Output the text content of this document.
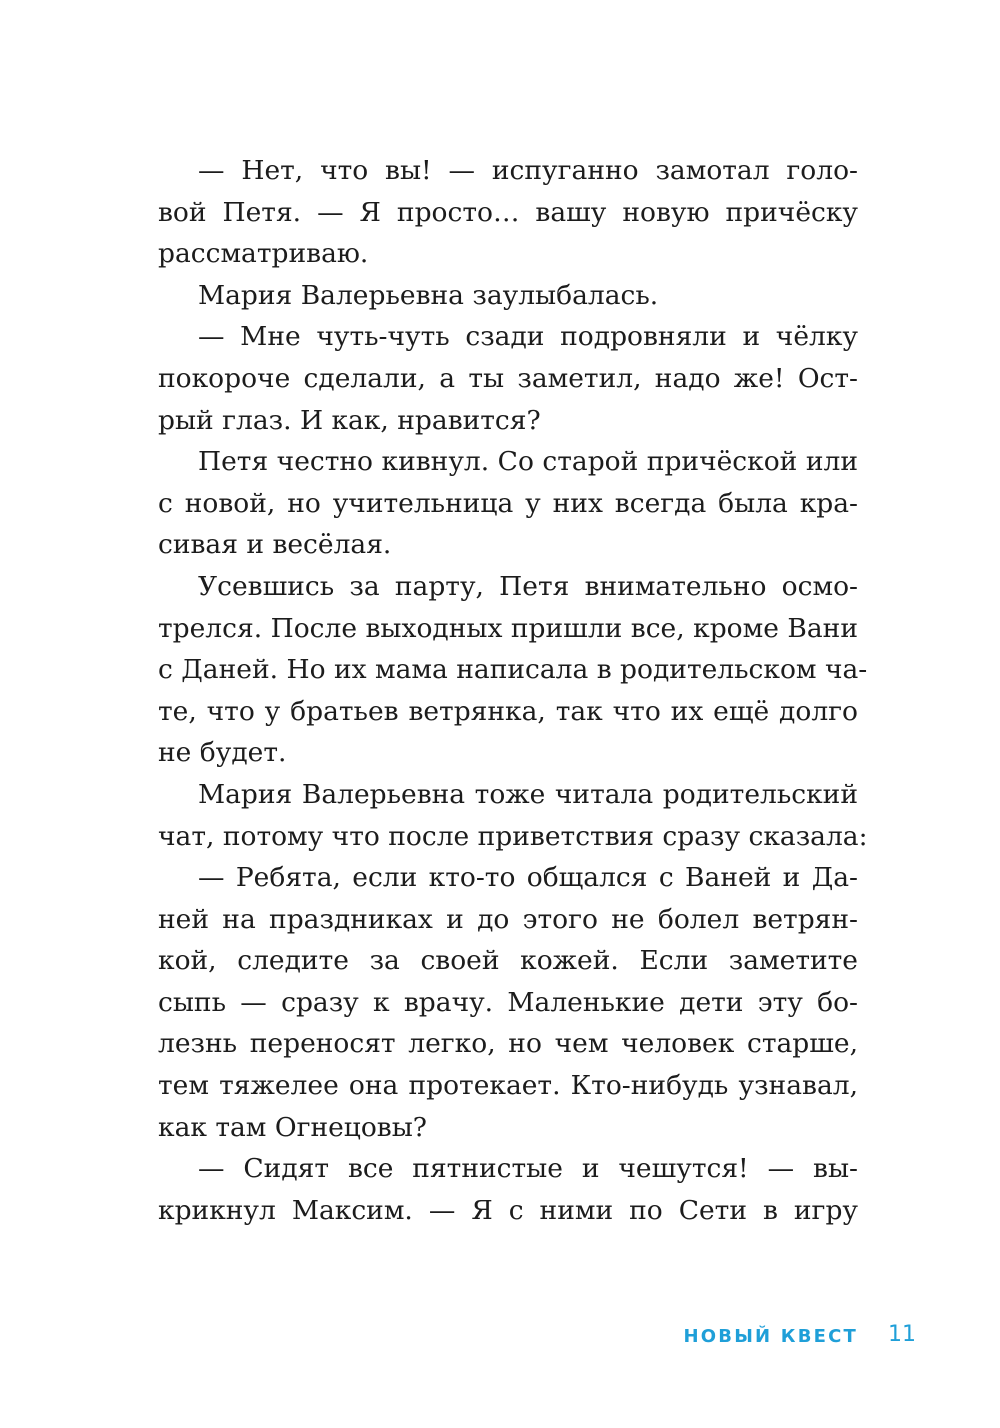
— Нет, что вы! — испуганно замотал голо-
вой Петя. — Я просто… вашу новую причёску
рассматриваю.
Мария Валерьевна заулыбалась.
— Мне чуть-чуть сзади подровняли и чёлку
покороче сделали, а ты заметил, надо же! Ост-
рый глаз. И как, нравится?
Петя честно кивнул. Со старой причёской или
с новой, но учительница у них всегда была кра-
сивая и весёлая.
Усевшись за парту, Петя внимательно осмо-
трелся. После выходных пришли все, кроме Вани
с Даней. Но их мама написала в родительском ча-
те, что у братьев ветрянка, так что их ещё долго
не будет.
Мария Валерьевна тоже читала родительский
чат, потому что после приветствия сразу сказала:
— Ребята, если кто-то общался с Ваней и Да-
ней на праздниках и до этого не болел ветрян-
кой, следите за своей кожей. Если заметите
сыпь — сразу к врачу. Маленькие дети эту бо-
лезнь переносят легко, но чем человек старше,
тем тяжелее она протекает. Кто-нибудь узнавал,
как там Огнецовы?
— Сидят все пятнистые и чешутся! — вы-
крикнул Максим. — Я с ними по Сети в игру
НОВЫЙ КВЕСТ 11
